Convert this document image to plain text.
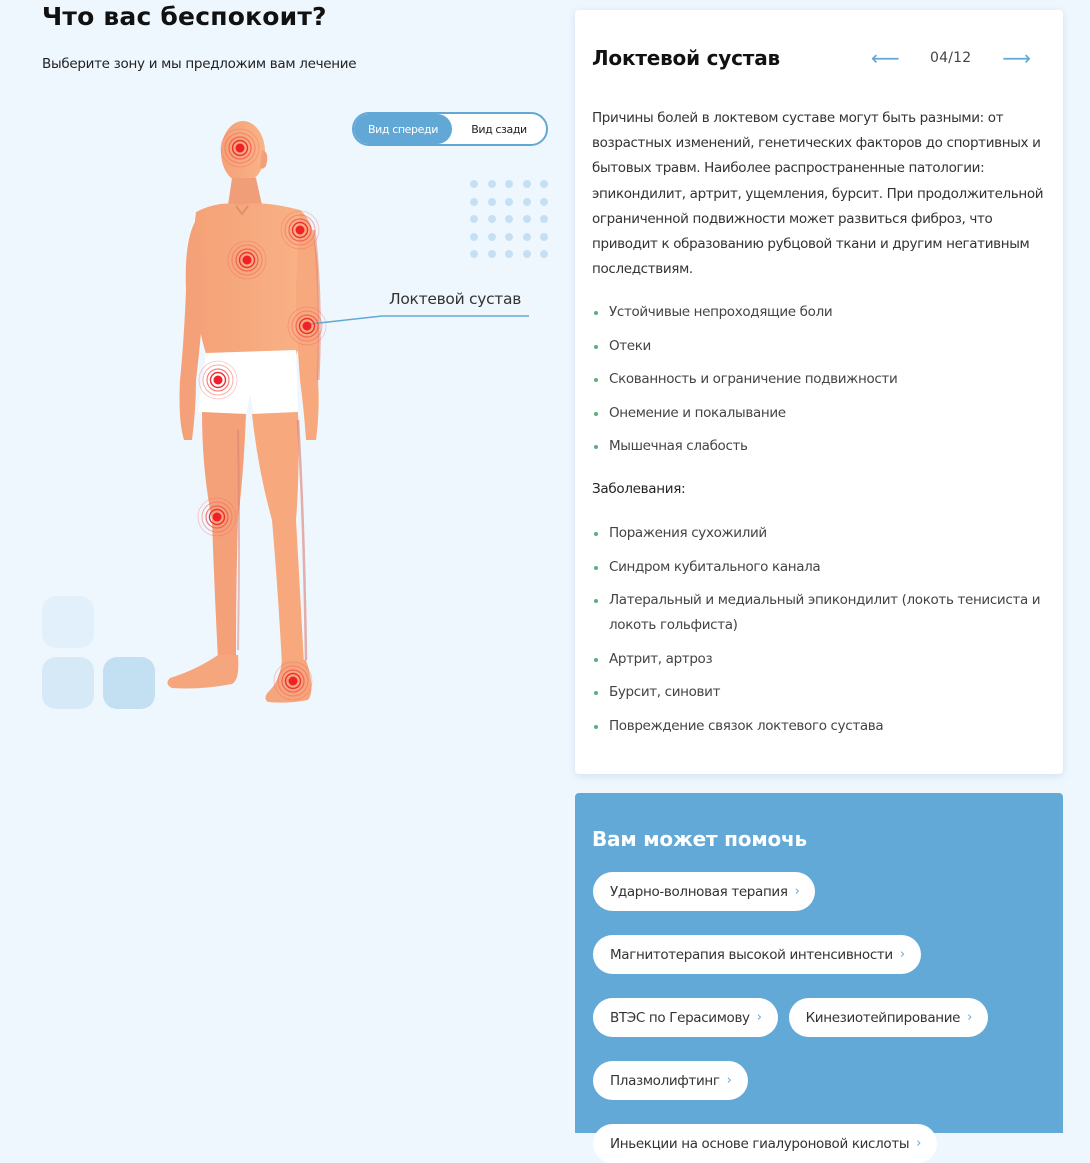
Что вас беспокоит?

Выберите зону и мы предложим вам лечение

Вид спереди	Вид сзади
Локтевой сустав
Локтевой сустав	⟵ 04/12 ⟶

Причины болей в локтевом суставе могут быть разными: от возрастных изменений, генетических факторов до спортивных и бытовых травм. Наиболее распространенные патологии: эпикондилит, артрит, ущемления, бурсит. При продолжительной ограниченной подвижности может развиться фиброз, что приводит к образованию рубцовой ткани и другим негативным последствиям.

Устойчивые непроходящие боли
Отеки
Скованность и ограничение подвижности
Онемение и покалывание
Мышечная слабость
Заболевания:
Поражения сухожилий
Синдром кубитального канала
Латеральный и медиальный эпикондилит (локоть тенисиста и локоть гольфиста)
Артрит, артроз
Бурсит, синовит
Повреждение связок локтевого сустава
Вам может помочь
Ударно-волновая терапия ›
Магнитотерапия высокой интенсивности ›
ВТЭС по Герасимову ›	Кинезиотейпирование ›
Плазмолифтинг ›
Иньекции на основе гиалуроновой кислоты ›
